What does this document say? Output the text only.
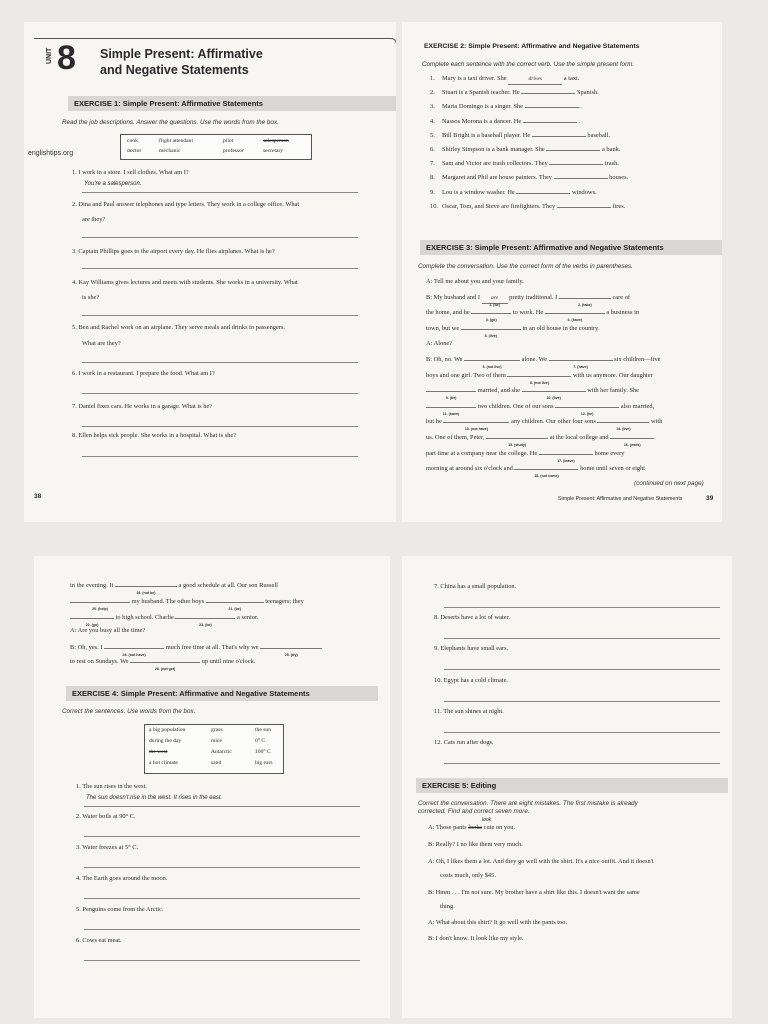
UNIT 8 Simple Present: Affirmative
and Negative Statements
EXERCISE 1: Simple Present: Affirmative Statements
Read the job descriptions. Answer the questions. Use the words from the box.
cook	flight attendant	pilot	salesperson
doctor	mechanic	professor	secretary
1. I work in a store. I sell clothes. What am I?
You're a salesperson.
2. Dina and Paul answer telephones and type letters. They work in a college office. What
are they?
3. Captain Phillips goes to the airport every day. He flies airplanes. What is he?
4. Kay Williams gives lectures and meets with students. She works in a university. What
is she?
5. Ben and Rachel work on an airplane. They serve meals and drinks to passengers.
What are they?
6. I work in a restaurant. I prepare the food. What am I?
7. Daniel fixes cars. He works in a garage. What is he?
8. Ellen helps sick people. She works in a hospital. What is she?
38
englishtips.org
EXERCISE 2: Simple Present: Affirmative and Negative Statements
Complete each sentence with the correct verb. Use the simple present form.
1.Mary is a taxi driver. She	drives	a taxi.
2.Stuart is a Spanish teacher. He	Spanish.
3.Maria Domingo is a singer. She	.
4.Nassos Morona is a dancer. He	.
5.Bill Bright is a baseball player. He	baseball.
6.Shirley Simpson is a bank manager. She	a bank.
7.Sam and Victor are trash collectors. They	trash.
8.Margaret and Phil are house painters. They	houses.
9.Lou is a window washer. He	windows.
10.Oscar, Tom, and Steve are firefighters. They	fires.
EXERCISE 3: Simple Present: Affirmative and Negative Statements
Complete the conversation. Use the correct form of the verbs in parentheses.
A: Tell me about you and your family.
B: My husband and I are
1. (be)
pretty traditional. I
2. (take)
care of
the home, and he
3. (go)
to work. He
4. (have)
a business in
town, but we
5. (live)
in an old house in the country.
A: Alone?
B: Oh, no. We
6. (not live)
alone. We
7. (have)
six children—five
boys and one girl. Two of them
8. (not live)
with us anymore. Our daughter
9. (be)
married, and she
10. (live)
with her family. She
11. (have)
two children. One of our sons
12. (be)
also married,
but he
13. (not have)
any children. Our other four sons
14. (live)
with
us. One of them, Peter,
15. (study)
at the local college and
16. (work)
part time at a company near the college. He
17. (leave)
home every
morning at around six o'clock and
18. (not come)
home until seven or eight
(continued on next page)
Simple Present: Affirmative and Negative Statements	39
in the evening. It
19. (not be)
a good schedule at all. Our son Russell
20. (help)
my husband. The other boys
21. (be)
teenagers; they
22. (go)
to high school. Charlie
23. (be)
a senior.
A: Are you busy all the time?
B: Oh, yes. I
24. (not have)
much free time at all. That's why we
25. (try)
to rest on Sundays. We
26. (not get)
up until nine o'clock.
EXERCISE 4: Simple Present: Affirmative and Negative Statements
Correct the sentences. Use words from the box.
a big population	grass	the sun
during the day	mice	0° C
the west	Antarctic	100° C
a hot climate	sand	big ears
1. The sun rises in the west.
The sun doesn't rise in the west. It rises in the east.
2. Water boils at 90° C.
3. Water freezes at 5° C.
4. The Earth goes around the moon.
5. Penguins come from the Arctic.
6. Cows eat meat.
7. China has a small population.
8. Deserts have a lot of water.
9. Elephants have small ears.
10. Egypt has a cold climate.
11. The sun shines at night.
12. Cats run after dogs.
EXERCISE 5: Editing
Correct the conversation. There are eight mistakes. The first mistake is already
corrected. Find and correct seven more.
look
A: Those pants looks cute on you.
B: Really? I no like them very much.
A: Oh, I likes them a lot. And they go well with the shirt. It's a nice outfit. And it doesn't
costs much, only $45.
B: Hmm . . . I'm not sure. My brother have a shirt like this. I doesn't want the same
thing.
A: What about this shirt? It go well with the pants too.
B: I don't know. It look like my style.
